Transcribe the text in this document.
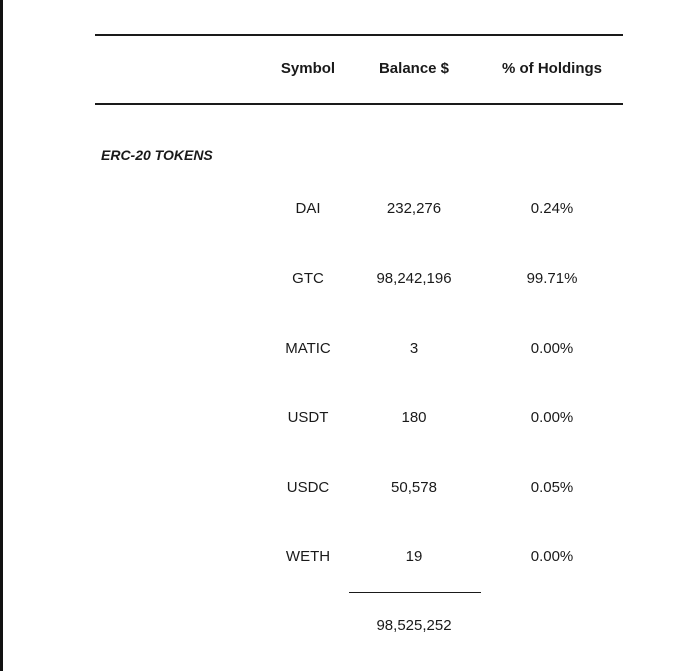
Symbol	Balance $	% of Holdings
ERC-20 TOKENS
DAI	232,276	0.24%
GTC	98,242,196	99.71%
MATIC	3	0.00%
USDT	180	0.00%
USDC	50,578	0.05%
WETH	19	0.00%
98,525,252
